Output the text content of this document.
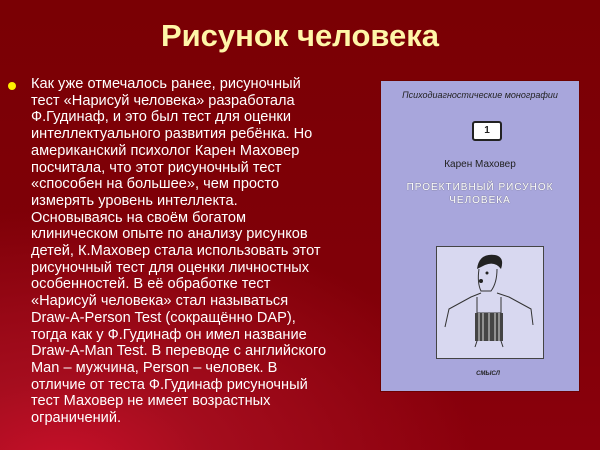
Рисунок человека
Как уже отмечалось ранее, рисуночный
тест «Нарисуй человека» разработала
Ф.Гудинаф, и это был тест для оценки
интеллектуального развития ребёнка. Но
американский психолог Карен Маховер
посчитала, что этот рисуночный тест
«способен на большее», чем просто
измерять уровень интеллекта.
Основываясь на своём богатом
клиническом опыте по анализу рисунков
детей, К.Маховер стала использовать этот
рисуночный тест для оценки личностных
особенностей. В её обработке тест
«Нарисуй человека» стал называться
Draw-A-Person Test (сокращённо DAP),
тогда как у Ф.Гудинаф он имел название
Draw-A-Man Test. В переводе с английского
Man – мужчина, Person – человек. В
отличие от теста Ф.Гудинаф рисуночный
тест Маховер не имеет возрастных
ограничений.
Психодиагностические монографии
1
Карен Маховер
ПРОЕКТИВНЫЙ РИСУНОК
ЧЕЛОВЕКА
СМЫСЛ
